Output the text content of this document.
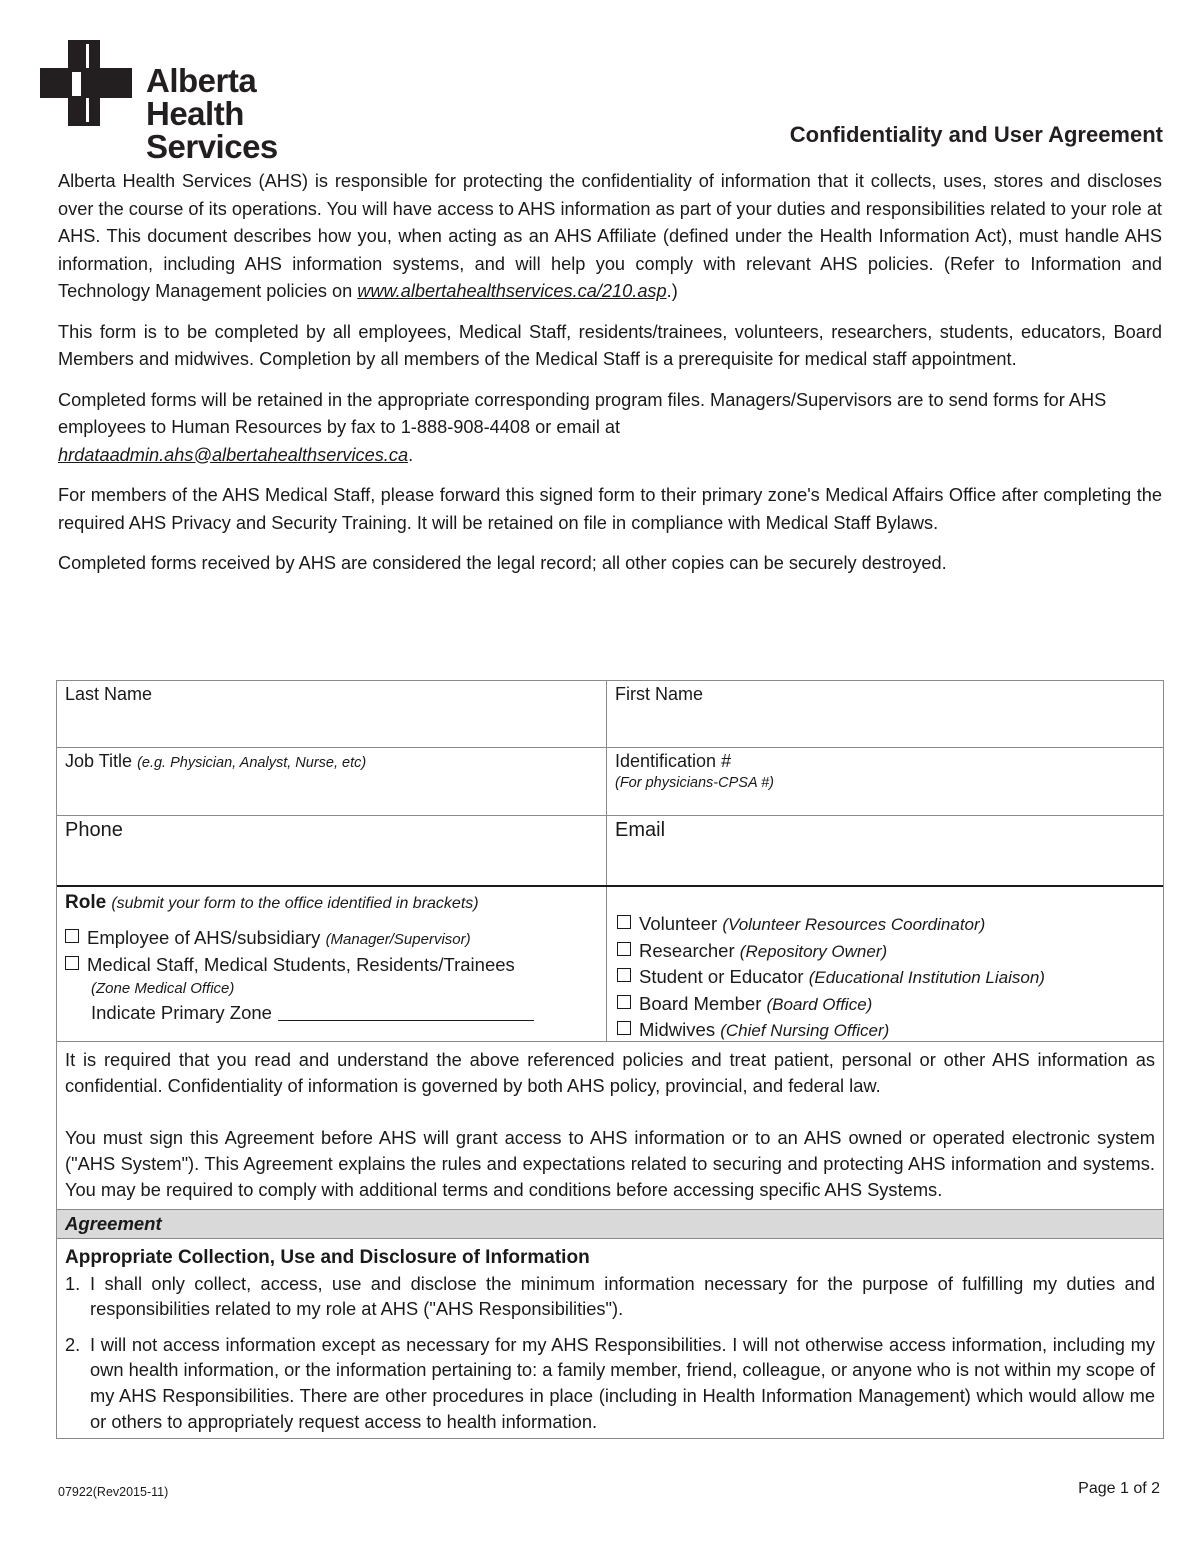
Alberta Health
Services	Confidentiality and User Agreement

Alberta Health Services (AHS) is responsible for protecting the confidentiality of information that it collects, uses, stores and discloses over the course of its operations. You will have access to AHS information as part of your duties and responsibilities related to your role at AHS. This document describes how you, when acting as an AHS Affiliate (defined under the Health Information Act), must handle AHS information, including AHS information systems, and will help you comply with relevant AHS policies. (Refer to Information and Technology Management policies on www.albertahealthservices.ca/210.asp.)

This form is to be completed by all employees, Medical Staff, residents/trainees, volunteers, researchers, students, educators, Board Members and midwives. Completion by all members of the Medical Staff is a prerequisite for medical staff appointment.

Completed forms will be retained in the appropriate corresponding program files. Managers/Supervisors are to send forms for AHS employees to Human Resources by fax to 1-888-908-4408 or email at
hrdataadmin.ahs@albertahealthservices.ca.

For members of the AHS Medical Staff, please forward this signed form to their primary zone's Medical Affairs Office after completing the required AHS Privacy and Security Training. It will be retained on file in compliance with Medical Staff Bylaws.

Completed forms received by AHS are considered the legal record; all other copies can be securely destroyed.

Last Name	First Name
Job Title (e.g. Physician, Analyst, Nurse, etc)	Identification #
(For physicians-CPSA #)
Phone	Email
Role (submit your form to the office identified in brackets)
Employee of AHS/subsidiary (Manager/Supervisor)
Medical Staff, Medical Students, Residents/Trainees
(Zone Medical Office)
Indicate Primary Zone
Volunteer (Volunteer Resources Coordinator)
Researcher (Repository Owner)
Student or Educator (Educational Institution Liaison)
Board Member (Board Office)
Midwives (Chief Nursing Officer)

It is required that you read and understand the above referenced policies and treat patient, personal or other AHS information as confidential. Confidentiality of information is governed by both AHS policy, provincial, and federal law.

You must sign this Agreement before AHS will grant access to AHS information or to an AHS owned or operated electronic system ("AHS System"). This Agreement explains the rules and expectations related to securing and protecting AHS information and systems. You may be required to comply with additional terms and conditions before accessing specific AHS Systems.

Agreement
Appropriate Collection, Use and Disclosure of Information
1. I shall only collect, access, use and disclose the minimum information necessary for the purpose of fulfilling my duties and responsibilities related to my role at AHS ("AHS Responsibilities").
2. I will not access information except as necessary for my AHS Responsibilities. I will not otherwise access information, including my own health information, or the information pertaining to: a family member, friend, colleague, or anyone who is not within my scope of my AHS Responsibilities. There are other procedures in place (including in Health Information Management) which would allow me or others to appropriately request access to health information.
07922(Rev2015-11)	Page 1 of 2
